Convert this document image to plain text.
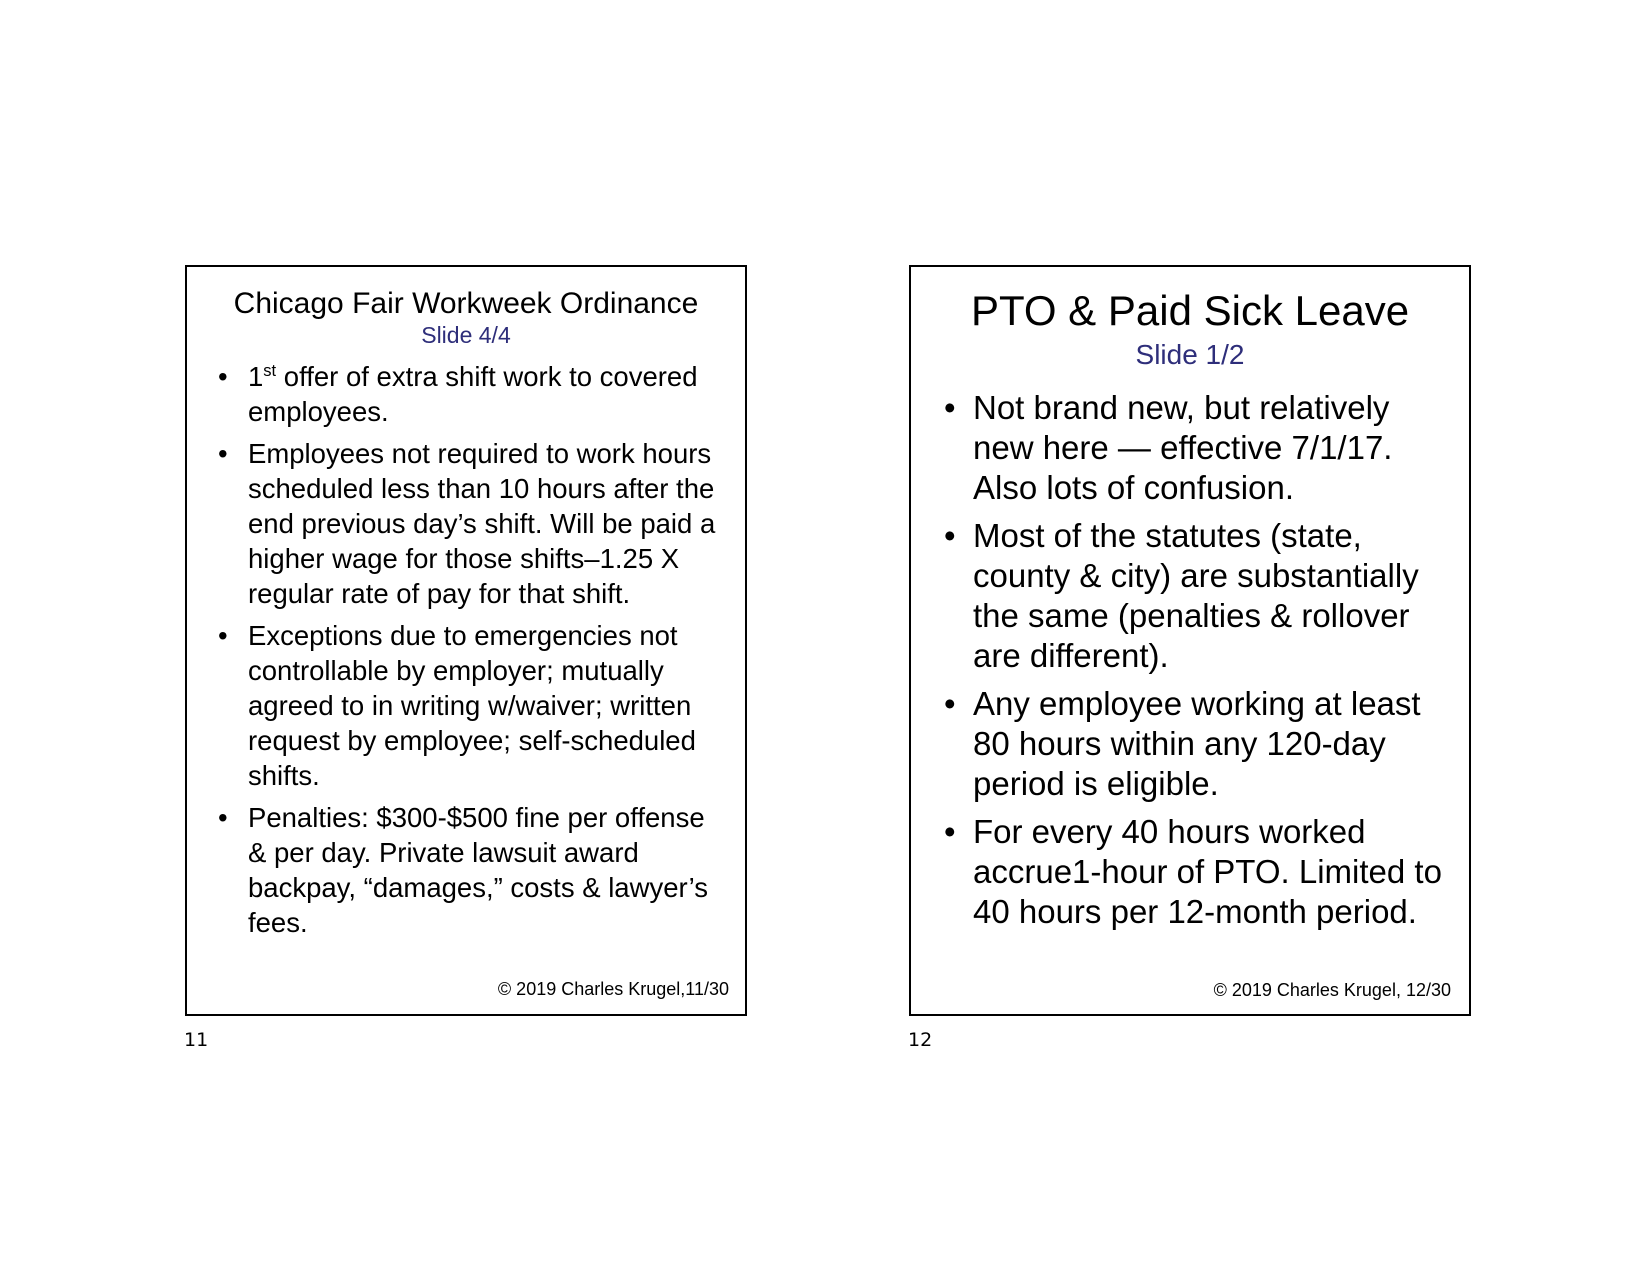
Chicago Fair Workweek Ordinance

Slide 4/4

• 1st offer of extra shift work to covered employees.
• Employees not required to work hours scheduled less than 10 hours after the end previous day’s shift. Will be paid a higher wage for those shifts–1.25 X regular rate of pay for that shift.
• Exceptions due to emergencies not controllable by employer; mutually agreed to in writing w/waiver; written request by employee; self-scheduled shifts.
• Penalties: $300-$500 fine per offense & per day. Private lawsuit award backpay, “damages,” costs & lawyer’s fees.
© 2019 Charles Krugel,11/30
11

PTO & Paid Sick Leave

Slide 1/2

• Not brand new, but relatively new here — effective 7/1/17. Also lots of confusion.
• Most of the statutes (state, county & city) are substantially the same (penalties & rollover are different).
• Any employee working at least 80 hours within any 120-day period is eligible.
• For every 40 hours worked accrue1-hour of PTO. Limited to 40 hours per 12-month period.
© 2019 Charles Krugel, 12/30
12
